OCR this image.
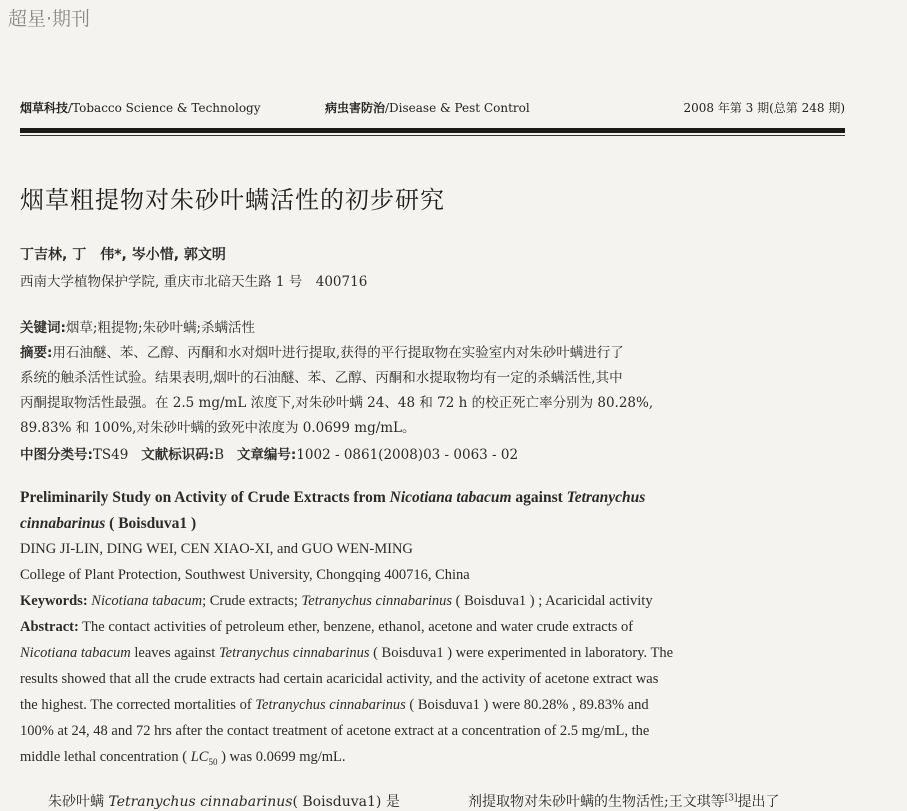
超星·期刊
烟草科技/Tobacco Science & Technology	病虫害防治/Disease & Pest Control	2008 年第 3 期(总第 248 期)
烟草粗提物对朱砂叶螨活性的初步研究
丁吉林, 丁　伟*, 岑小惜, 郭文明
西南大学植物保护学院, 重庆市北碚天生路 1 号　400716
关键词:烟草;粗提物;朱砂叶螨;杀螨活性
摘要:用石油醚、苯、乙醇、丙酮和水对烟叶进行提取,获得的平行提取物在实验室内对朱砂叶螨进行了
系统的触杀活性试验。结果表明,烟叶的石油醚、苯、乙醇、丙酮和水提取物均有一定的杀螨活性,其中
丙酮提取物活性最强。在 2.5 mg/mL 浓度下,对朱砂叶螨 24、48 和 72 h 的校正死亡率分别为 80.28%,
89.83% 和 100%,对朱砂叶螨的致死中浓度为 0.0699 mg/mL。
中图分类号:TS49 文献标识码:B 文章编号:1002 - 0861(2008)03 - 0063 - 02
Preliminarily Study on Activity of Crude Extracts from Nicotiana tabacum against Tetranychus
cinnabarinus ( Boisduva1 )
DING JI-LIN, DING WEI, CEN XIAO-XI, and GUO WEN-MING
College of Plant Protection, Southwest University, Chongqing 400716, China
Keywords: Nicotiana tabacum; Crude extracts; Tetranychus cinnabarinus ( Boisduva1 ) ; Acaricidal activity
Abstract: The contact activities of petroleum ether, benzene, ethanol, acetone and water crude extracts of
Nicotiana tabacum leaves against Tetranychus cinnabarinus ( Boisduva1 ) were experimented in laboratory. The
results showed that all the crude extracts had certain acaricidal activity, and the activity of acetone extract was
the highest. The corrected mortalities of Tetranychus cinnabarinus ( Boisduva1 ) were 80.28% , 89.83% and
100% at 24, 48 and 72 hrs after the contact treatment of acetone extract at a concentration of 2.5 mg/mL, the
middle lethal concentration ( $LC_{50}$ ) was 0.0699 mg/mL.
朱砂叶螨 Tetranychus cinnabarinus( Boisduva1) 是	剂提取物对朱砂叶螨的生物活性;王文琪等[3]提出了
